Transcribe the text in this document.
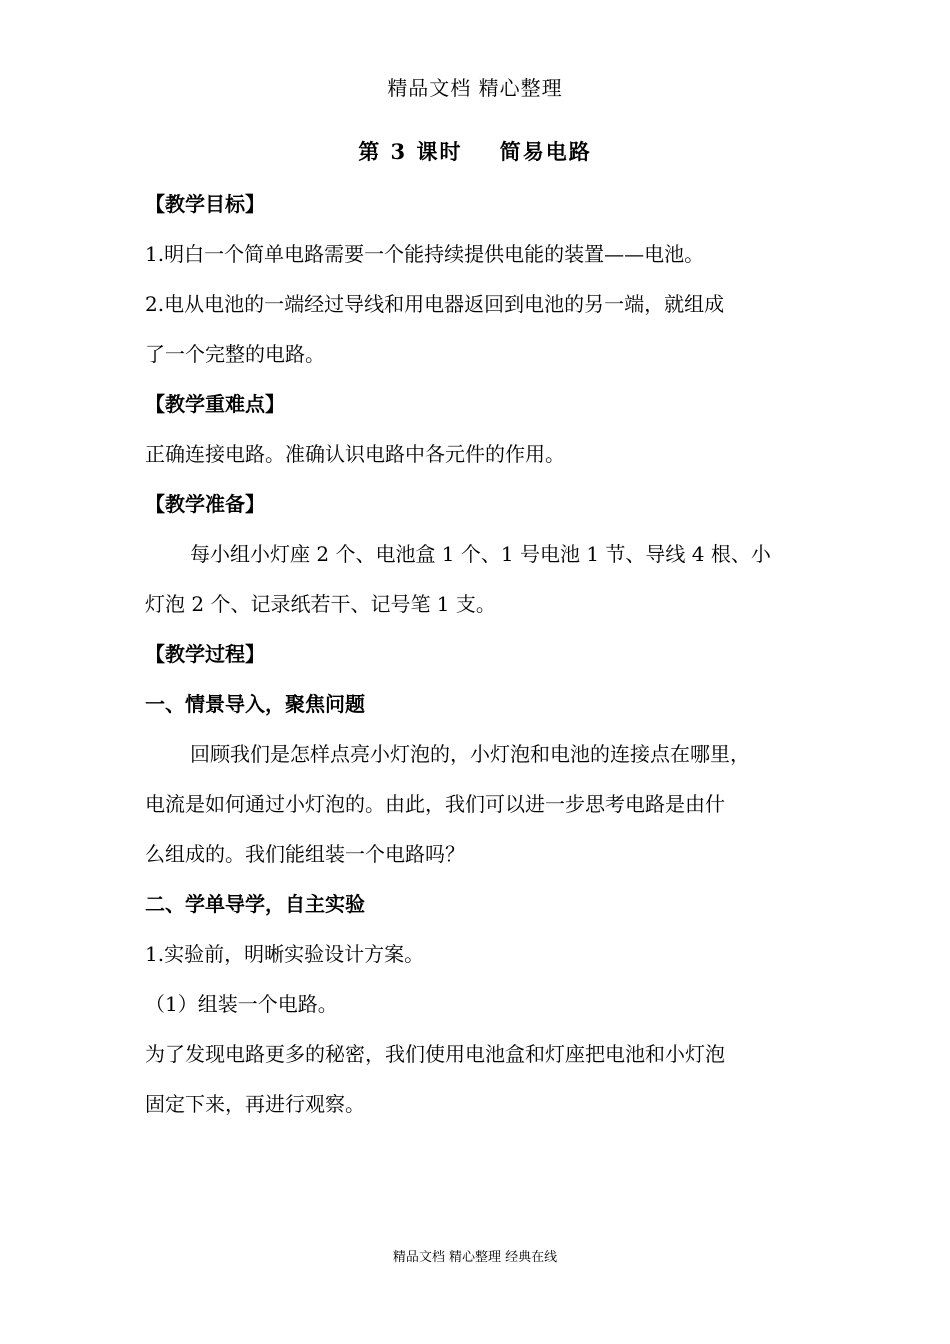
精品文档 精心整理
第 3 课时    简易电路
【教学目标】
1.明白一个简单电路需要一个能持续提供电能的装置——电池。
2.电从电池的一端经过导线和用电器返回到电池的另一端，就组成
了一个完整的电路。
【教学重难点】
正确连接电路。准确认识电路中各元件的作用。
【教学准备】
每小组小灯座 2 个、电池盒 1 个、1 号电池 1 节、导线 4 根、小
灯泡 2 个、记录纸若干、记号笔 1 支。
【教学过程】
一、情景导入，聚焦问题
回顾我们是怎样点亮小灯泡的，小灯泡和电池的连接点在哪里，
电流是如何通过小灯泡的。由此，我们可以进一步思考电路是由什
么组成的。我们能组装一个电路吗？
二、学单导学，自主实验
1.实验前，明晰实验设计方案。
（1）组装一个电路。
为了发现电路更多的秘密，我们使用电池盒和灯座把电池和小灯泡
固定下来，再进行观察。
精品文档 精心整理 经典在线
